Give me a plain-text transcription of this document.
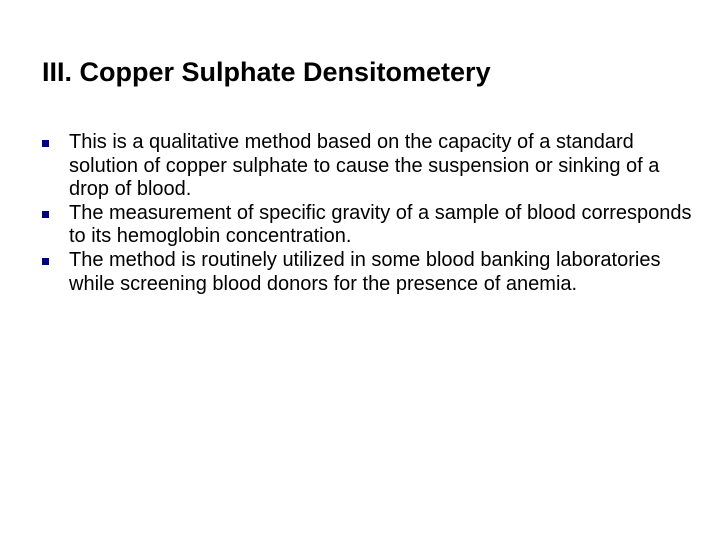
III. Copper Sulphate Densitometery
This is a qualitative method based on the capacity of a standard solution of copper sulphate to cause the suspension or sinking of a drop of blood.
The measurement of specific gravity of a sample of blood corresponds to its hemoglobin concentration.
The method is routinely utilized in some blood banking laboratories while screening blood donors for the presence of anemia.
